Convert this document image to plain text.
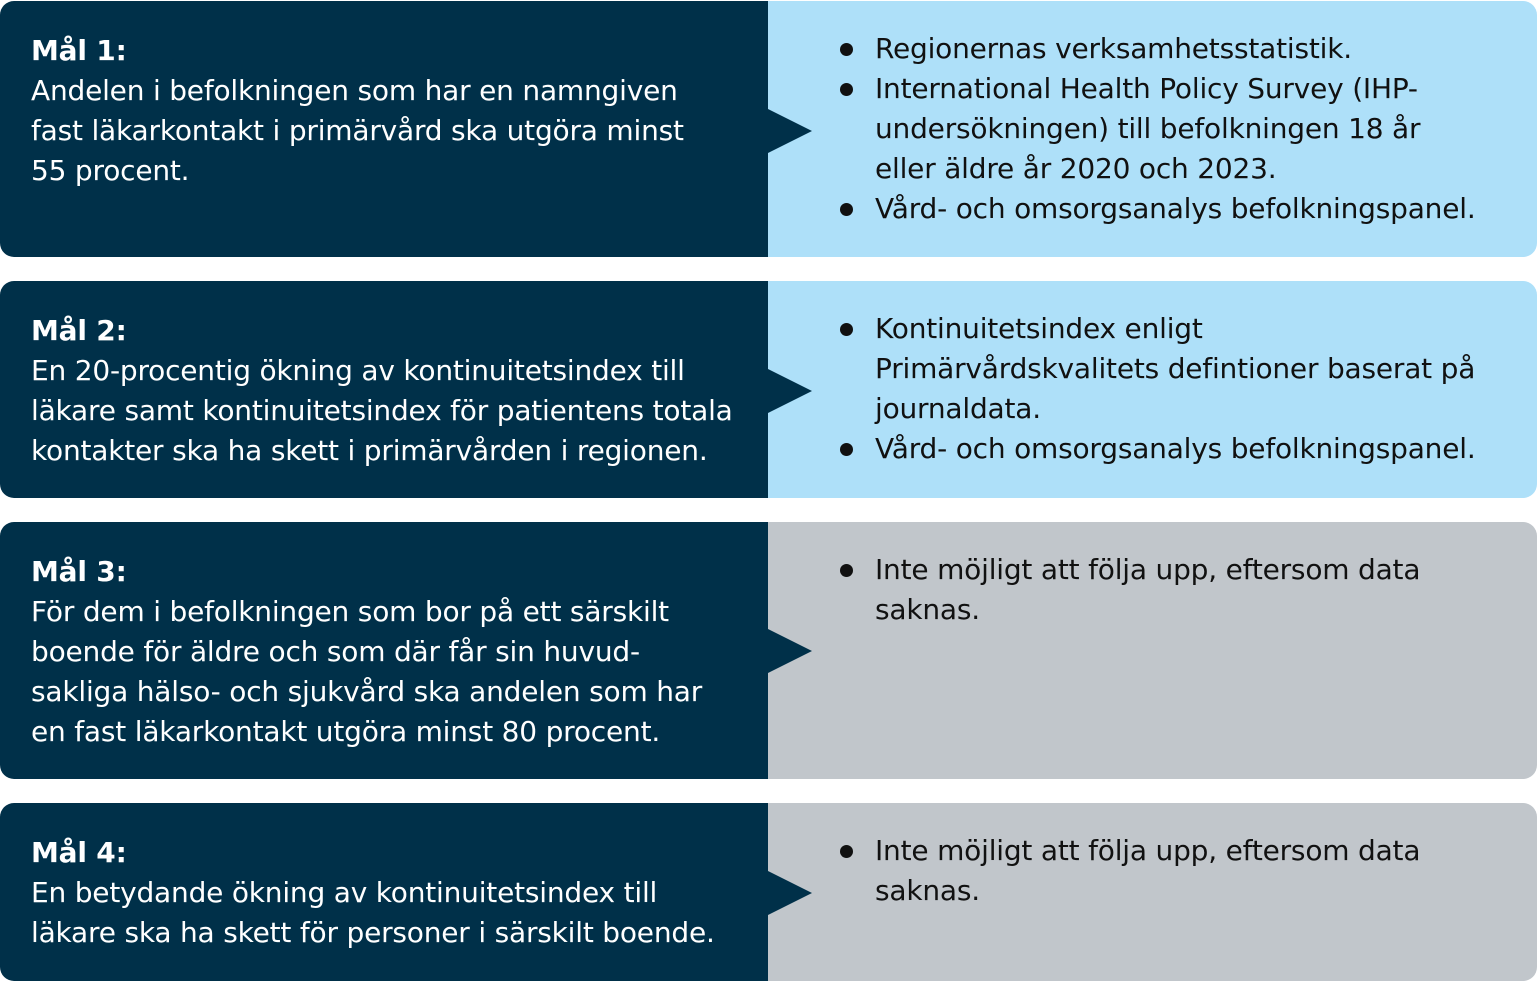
Mål 1:
Andelen i befolkningen som har en namngiven fast läkarkontakt i primärvård ska utgöra minst 55 procent.
Regionernas verksamhetsstatistik.
International Health Policy Survey (IHP-undersökningen) till befolkningen 18 år eller äldre år 2020 och 2023.
Vård- och omsorgsanalys befolkningspanel.
Mål 2:
En 20-procentig ökning av kontinuitetsindex till läkare samt kontinuitetsindex för patientens totala kontakter ska ha skett i primärvården i regionen.
Kontinuitetsindex enligt Primärvårdskvalitets defintioner baserat på journaldata.
Vård- och omsorgsanalys befolkningspanel.
Mål 3:
För dem i befolkningen som bor på ett särskilt boende för äldre och som där får sin huvud-sakliga hälso- och sjukvård ska andelen som har en fast läkarkontakt utgöra minst 80 procent.
Inte möjligt att följa upp, eftersom data saknas.
Mål 4:
En betydande ökning av kontinuitetsindex till läkare ska ha skett för personer i särskilt boende.
Inte möjligt att följa upp, eftersom data saknas.
